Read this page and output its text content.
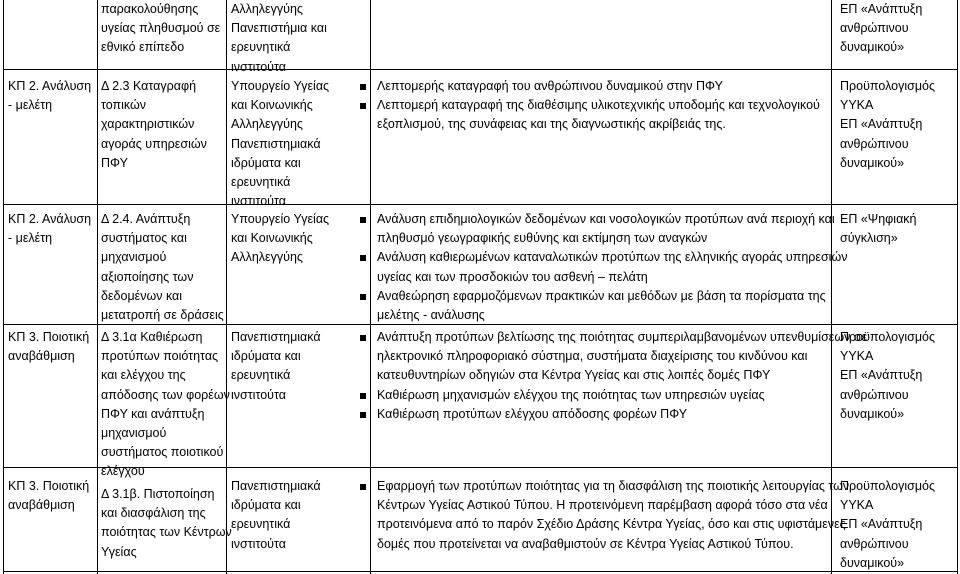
παρακολούθησης
υγείας πληθυσμού σε
εθνικό επίπεδο
Αλληλεγγύης
Πανεπιστήμια και
ερευνητικά
ινστιτούτα
ΕΠ «Ανάπτυξη
ανθρώπινου
δυναμικού»
ΚΠ 2. Ανάλυση
- μελέτη
Δ 2.3 Καταγραφή
τοπικών
χαρακτηριστικών
αγοράς υπηρεσιών
ΠΦΥ
Υπουργείο Υγείας
και Κοινωνικής
Αλληλεγγύης
Πανεπιστημιακά
ιδρύματα και
ερευνητικά
ινστιτούτα
Προϋπολογισμός
ΥΥΚΑ
ΕΠ «Ανάπτυξη
ανθρώπινου
δυναμικού»
Λεπτομερής καταγραφή του ανθρώπινου δυναμικού στην ΠΦΥ
Λεπτομερή καταγραφή της διαθέσιμης υλικοτεχνικής υποδομής και τεχνολογικού
εξοπλισμού, της συνάφειας και της διαγνωστικής ακρίβειάς της.
ΚΠ 2. Ανάλυση
- μελέτη
Δ 2.4. Ανάπτυξη
συστήματος και
μηχανισμού
αξιοποίησης των
δεδομένων και
μετατροπή σε δράσεις
Υπουργείο Υγείας
και Κοινωνικής
Αλληλεγγύης
ΕΠ «Ψηφιακή
σύγκλιση»
Ανάλυση επιδημιολογικών δεδομένων και νοσολογικών προτύπων ανά περιοχή και
πληθυσμό γεωγραφικής ευθύνης και εκτίμηση των αναγκών
Ανάλυση καθιερωμένων καταναλωτικών προτύπων της ελληνικής αγοράς υπηρεσιών
υγείας και των προσδοκιών του ασθενή – πελάτη
Αναθεώρηση εφαρμοζόμενων πρακτικών και μεθόδων με βάση τα πορίσματα της
μελέτης - ανάλυσης
ΚΠ 3. Ποιοτική
αναβάθμιση
Δ 3.1α Καθιέρωση
προτύπων ποιότητας
και ελέγχου της
απόδοσης των φορέων
ΠΦΥ και ανάπτυξη
μηχανισμού
συστήματος ποιοτικού
ελέγχου
Πανεπιστημιακά
ιδρύματα και
ερευνητικά
ινστιτούτα
Προϋπολογισμός
ΥΥΚΑ
ΕΠ «Ανάπτυξη
ανθρώπινου
δυναμικού»
Ανάπτυξη προτύπων βελτίωσης της ποιότητας συμπεριλαμβανομένων υπενθυμίσεων σε
ηλεκτρονικό πληροφοριακό σύστημα, συστήματα διαχείρισης του κινδύνου και
κατευθυντηρίων οδηγιών στα Κέντρα Υγείας και στις λοιπές δομές ΠΦΥ
Καθιέρωση μηχανισμών ελέγχου της ποιότητας των υπηρεσιών υγείας
Καθιέρωση προτύπων ελέγχου απόδοσης φορέων ΠΦΥ
ΚΠ 3. Ποιοτική
αναβάθμιση
Δ 3.1β. Πιστοποίηση
και διασφάλιση της
ποιότητας των Κέντρων
Υγείας
Πανεπιστημιακά
ιδρύματα και
ερευνητικά
ινστιτούτα
Προϋπολογισμός
ΥΥΚΑ
ΕΠ «Ανάπτυξη
ανθρώπινου
δυναμικού»
Εφαρμογή των προτύπων ποιότητας για τη διασφάλιση της ποιοτικής λειτουργίας των
Κέντρων Υγείας Αστικού Τύπου. Η προτεινόμενη παρέμβαση αφορά τόσο στα νέα
προτεινόμενα από το παρόν Σχέδιο Δράσης Κέντρα Υγείας, όσο και στις υφιστάμενες
δομές που προτείνεται να αναβαθμιστούν σε Κέντρα Υγείας Αστικού Τύπου.
